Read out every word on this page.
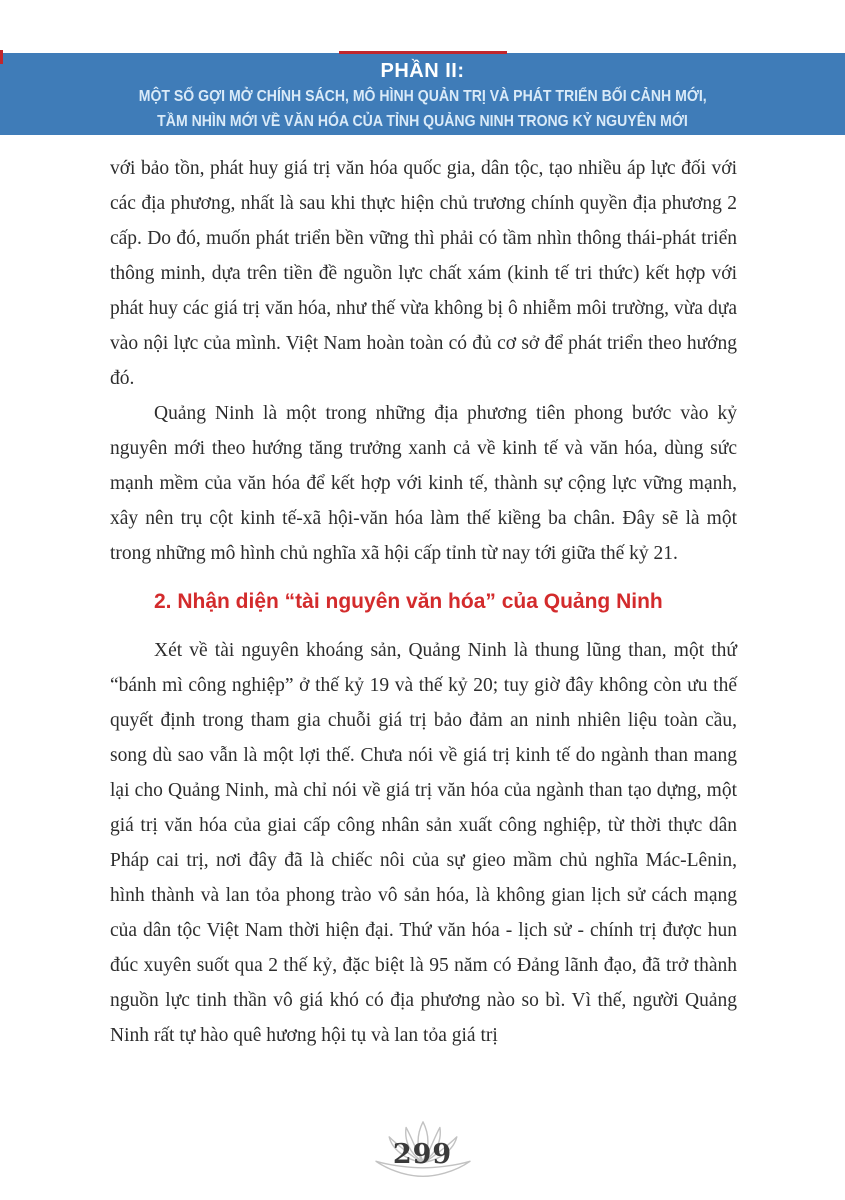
PHẦN II:

MỘT SỐ GỢI MỞ CHÍNH SÁCH, MÔ HÌNH QUẢN TRỊ VÀ PHÁT TRIỂN BỐI CẢNH MỚI,

TẦM NHÌN MỚI VỀ VĂN HÓA CỦA TỈNH QUẢNG NINH TRONG KỶ NGUYÊN MỚI

với bảo tồn, phát huy giá trị văn hóa quốc gia, dân tộc, tạo nhiều áp lực đối với các địa phương, nhất là sau khi thực hiện chủ trương chính quyền địa phương 2 cấp. Do đó, muốn phát triển bền vững thì phải có tầm nhìn thông thái-phát triển thông minh, dựa trên tiền đề nguồn lực chất xám (kinh tế tri thức) kết hợp với phát huy các giá trị văn hóa, như thế vừa không bị ô nhiễm môi trường, vừa dựa vào nội lực của mình. Việt Nam hoàn toàn có đủ cơ sở để phát triển theo hướng đó.

Quảng Ninh là một trong những địa phương tiên phong bước vào kỷ nguyên mới theo hướng tăng trưởng xanh cả về kinh tế và văn hóa, dùng sức mạnh mềm của văn hóa để kết hợp với kinh tế, thành sự cộng lực vững mạnh, xây nên trụ cột kinh tế-xã hội-văn hóa làm thế kiềng ba chân. Đây sẽ là một trong những mô hình chủ nghĩa xã hội cấp tỉnh từ nay tới giữa thế kỷ 21.

2. Nhận diện “tài nguyên văn hóa” của Quảng Ninh

Xét về tài nguyên khoáng sản, Quảng Ninh là thung lũng than, một thứ “bánh mì công nghiệp” ở thế kỷ 19 và thế kỷ 20; tuy giờ đây không còn ưu thế quyết định trong tham gia chuỗi giá trị bảo đảm an ninh nhiên liệu toàn cầu, song dù sao vẫn là một lợi thế. Chưa nói về giá trị kinh tế do ngành than mang lại cho Quảng Ninh, mà chỉ nói về giá trị văn hóa của ngành than tạo dựng, một giá trị văn hóa của giai cấp công nhân sản xuất công nghiệp, từ thời thực dân Pháp cai trị, nơi đây đã là chiếc nôi của sự gieo mầm chủ nghĩa Mác-Lênin, hình thành và lan tỏa phong trào vô sản hóa, là không gian lịch sử cách mạng của dân tộc Việt Nam thời hiện đại. Thứ văn hóa - lịch sử - chính trị được hun đúc xuyên suốt qua 2 thế kỷ, đặc biệt là 95 năm có Đảng lãnh đạo, đã trở thành nguồn lực tinh thần vô giá khó có địa phương nào so bì. Vì thế, người Quảng Ninh rất tự hào quê hương hội tụ và lan tỏa giá trị

299
